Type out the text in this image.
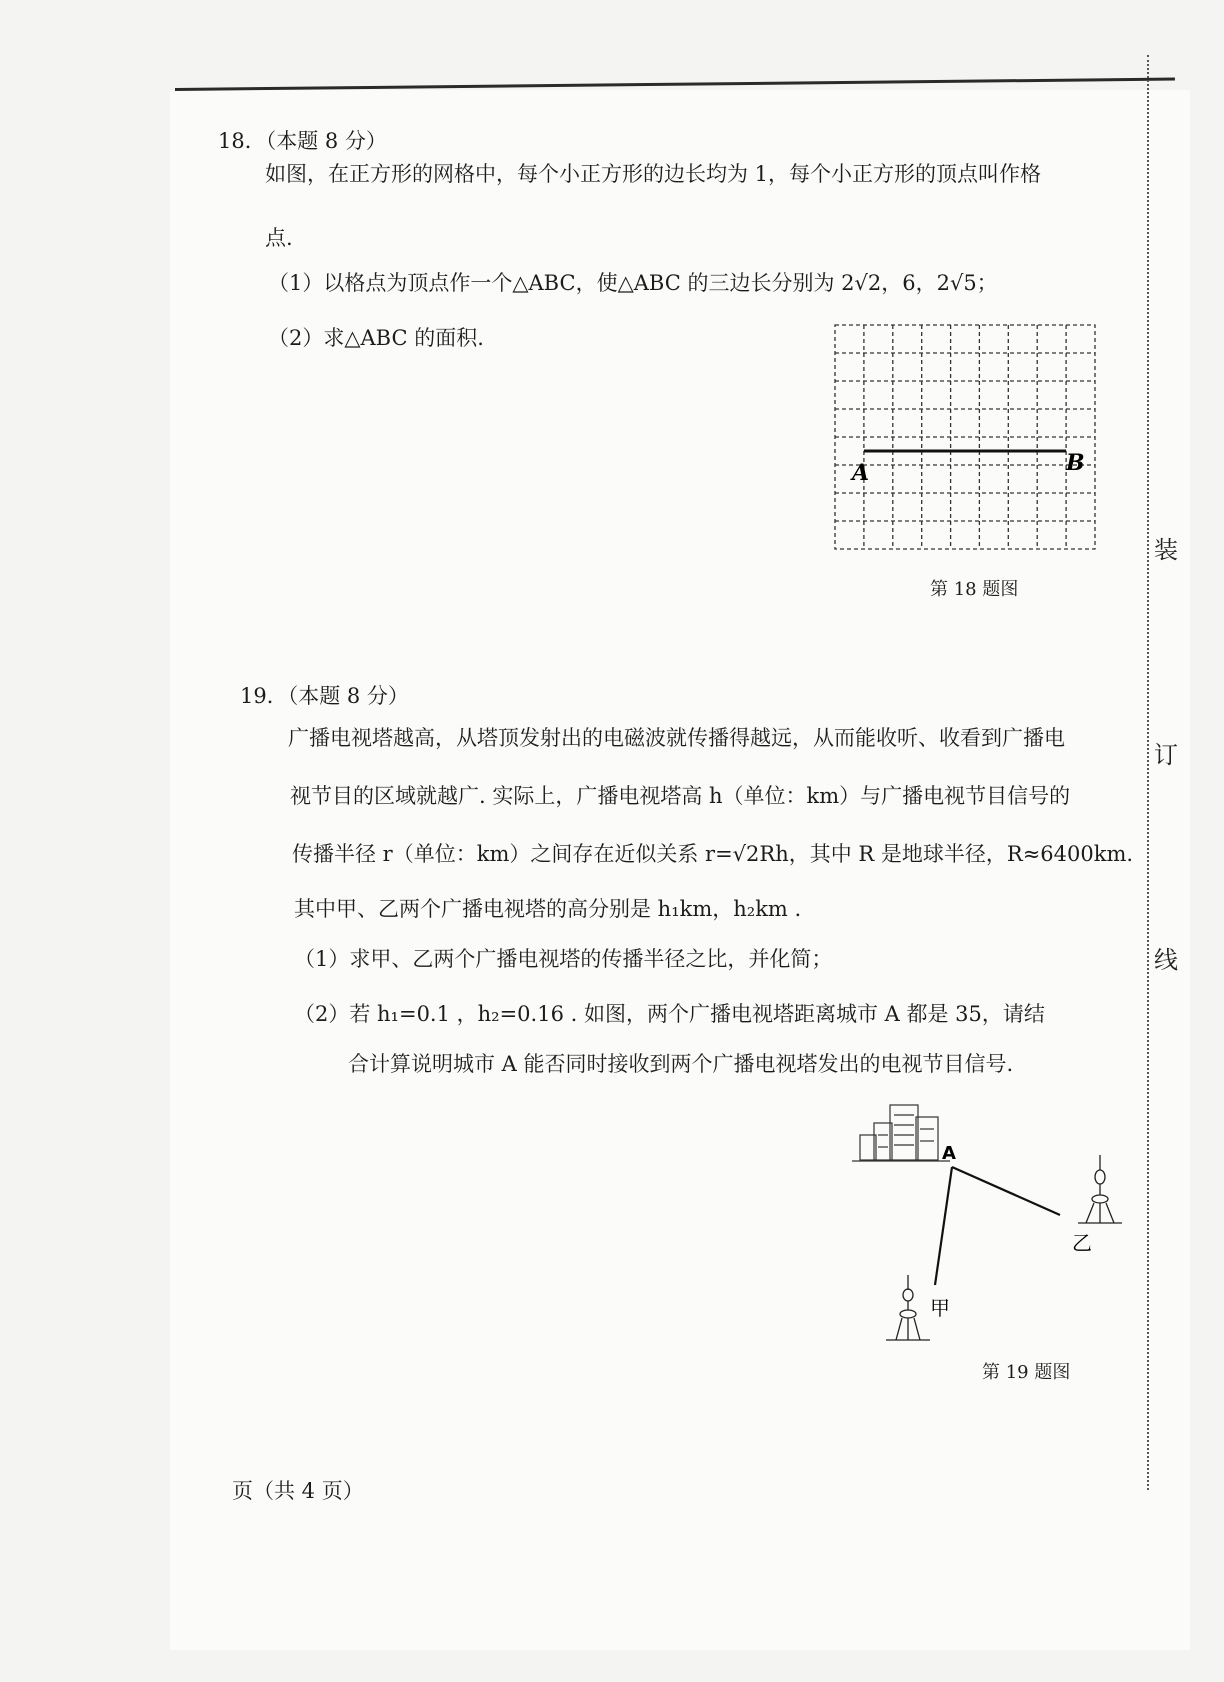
装
订
线
18．（本题 8 分）
如图，在正方形的网格中，每个小正方形的边长均为 1，每个小正方形的顶点叫作格
点.
（1）以格点为顶点作一个△ABC，使△ABC 的三边长分别为 2√2，6，2√5；
（2）求△ABC 的面积.
A	B
第 18 题图
19．（本题 8 分）
广播电视塔越高，从塔顶发射出的电磁波就传播得越远，从而能收听、收看到广播电
视节目的区域就越广. 实际上，广播电视塔高 h（单位：km）与广播电视节目信号的
传播半径 r（单位：km）之间存在近似关系 r=√2Rh，其中 R 是地球半径，R≈6400km.
其中甲、乙两个广播电视塔的高分别是 h₁km，h₂km .
（1）求甲、乙两个广播电视塔的传播半径之比，并化简；
（2）若 h₁=0.1 ，h₂=0.16 . 如图，两个广播电视塔距离城市 A 都是 35，请结
合计算说明城市 A 能否同时接收到两个广播电视塔发出的电视节目信号.
A
乙
甲
第 19 题图
页（共 4 页）
